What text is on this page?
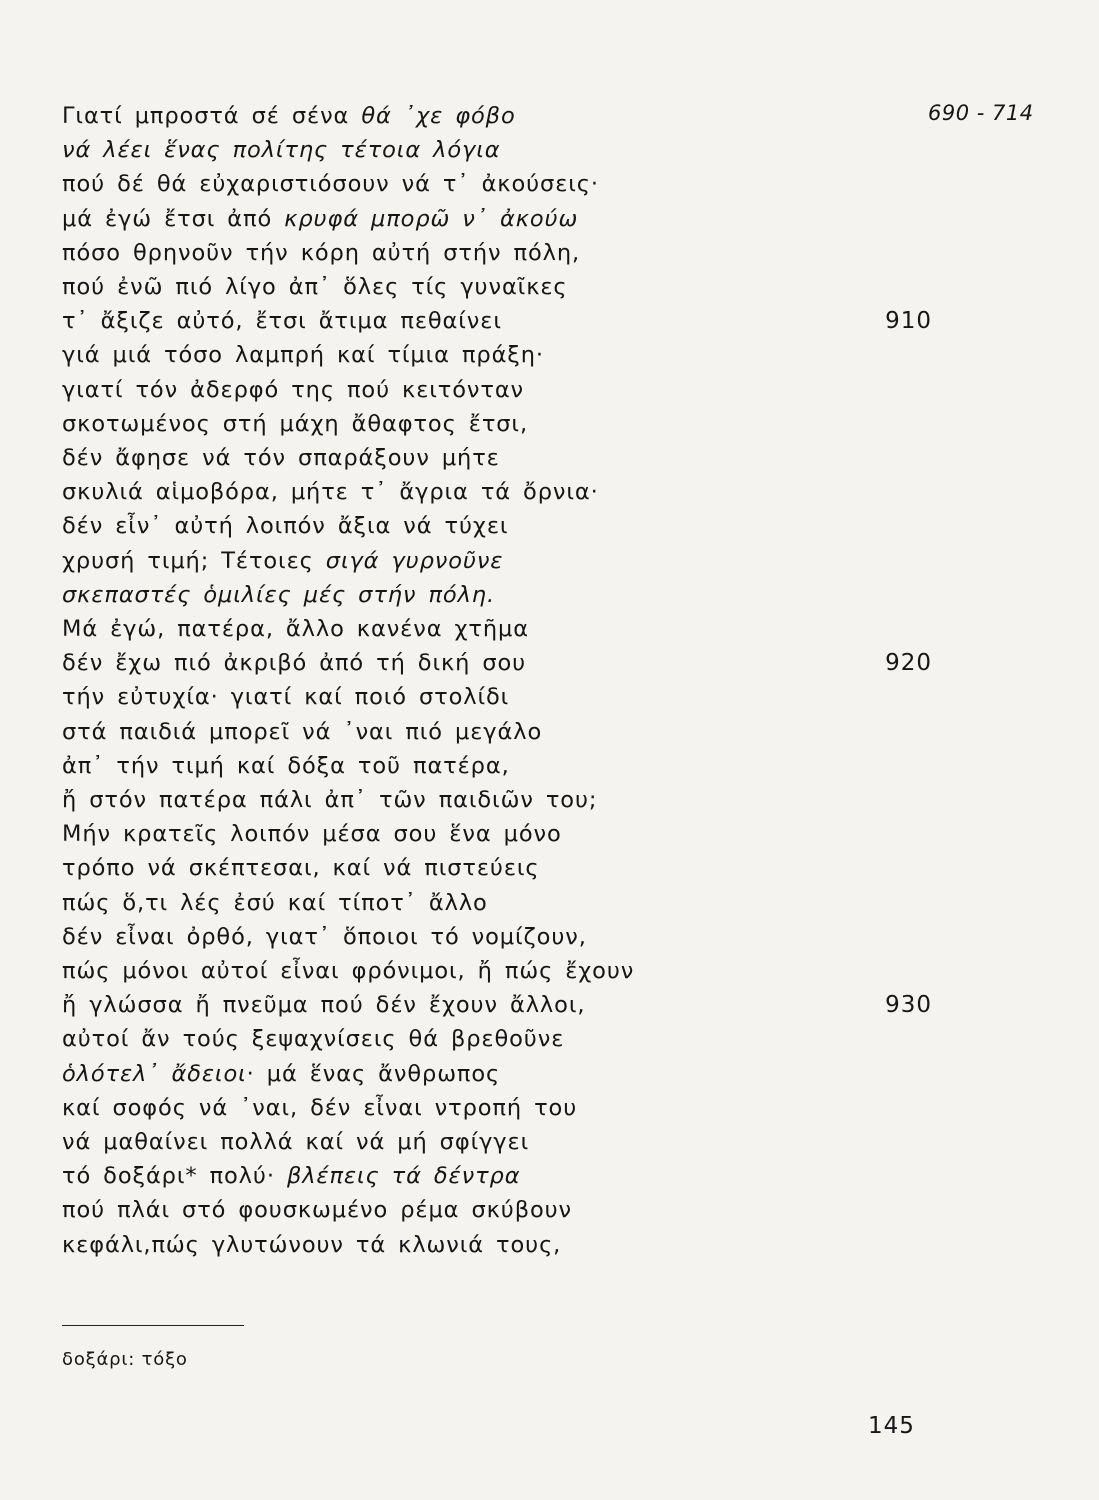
690 - 714
Γιατί μπροστά σέ σένα θά ᾽χε φόβο
νά λέει ἕνας πολίτης τέτοια λόγια
πού δέ θά εὐχαριστιόσουν νά τ᾽ ἀκούσεις·
μά ἐγώ ἔτσι ἀπό κρυφά μπορῶ ν᾽ ἀκούω
πόσο θρηνοῦν τήν κόρη αὐτή στήν πόλη,
πού ἐνῶ πιό λίγο ἀπ᾽ ὅλες τίς γυναῖκες
τ᾽ ἄξιζε αὐτό, ἔτσι ἄτιμα πεθαίνει	910
γιά μιά τόσο λαμπρή καί τίμια πράξη·
γιατί τόν ἀδερφό της πού κειτόνταν
σκοτωμένος στή μάχη ἄθαφτος ἔτσι,
δέν ἄφησε νά τόν σπαράξουν μήτε
σκυλιά αἱμοβόρα, μήτε τ᾽ ἄγρια τά ὄρνια·
δέν εἶν᾽ αὐτή λοιπόν ἄξια νά τύχει
χρυσή τιμή; Τέτοιες σιγά γυρνοῦνε
σκεπαστές ὁμιλίες μές στήν πόλη.
Μά ἐγώ, πατέρα, ἄλλο κανένα χτῆμα
δέν ἔχω πιό ἀκριβό ἀπό τή δική σου	920
τήν εὐτυχία· γιατί καί ποιό στολίδι
στά παιδιά μπορεῖ νά ᾽ναι πιό μεγάλο
ἀπ᾽ τήν τιμή καί δόξα τοῦ πατέρα,
ἤ στόν πατέρα πάλι ἀπ᾽ τῶν παιδιῶν του;
Μήν κρατεῖς λοιπόν μέσα σου ἕνα μόνο
τρόπο νά σκέπτεσαι, καί νά πιστεύεις
πώς ὅ,τι λές ἐσύ καί τίποτ᾽ ἄλλο
δέν εἶναι ὀρθό, γιατ᾽ ὅποιοι τό νομίζουν,
πώς μόνοι αὐτοί εἶναι φρόνιμοι, ἤ πώς ἔχουν
ἤ γλώσσα ἤ πνεῦμα πού δέν ἔχουν ἄλλοι,	930
αὐτοί ἄν τούς ξεψαχνίσεις θά βρεθοῦνε
ὁλότελ᾽ ἄδειοι· μά ἕνας ἄνθρωπος
καί σοφός νά ᾽ναι, δέν εἶναι ντροπή του
νά μαθαίνει πολλά καί νά μή σφίγγει
τό δοξάρι* πολύ· βλέπεις τά δέντρα
πού πλάι στό φουσκωμένο ρέμα σκύβουν
κεφάλι,πώς γλυτώνουν τά κλωνιά τους,
δοξάρι: τόξο
145
